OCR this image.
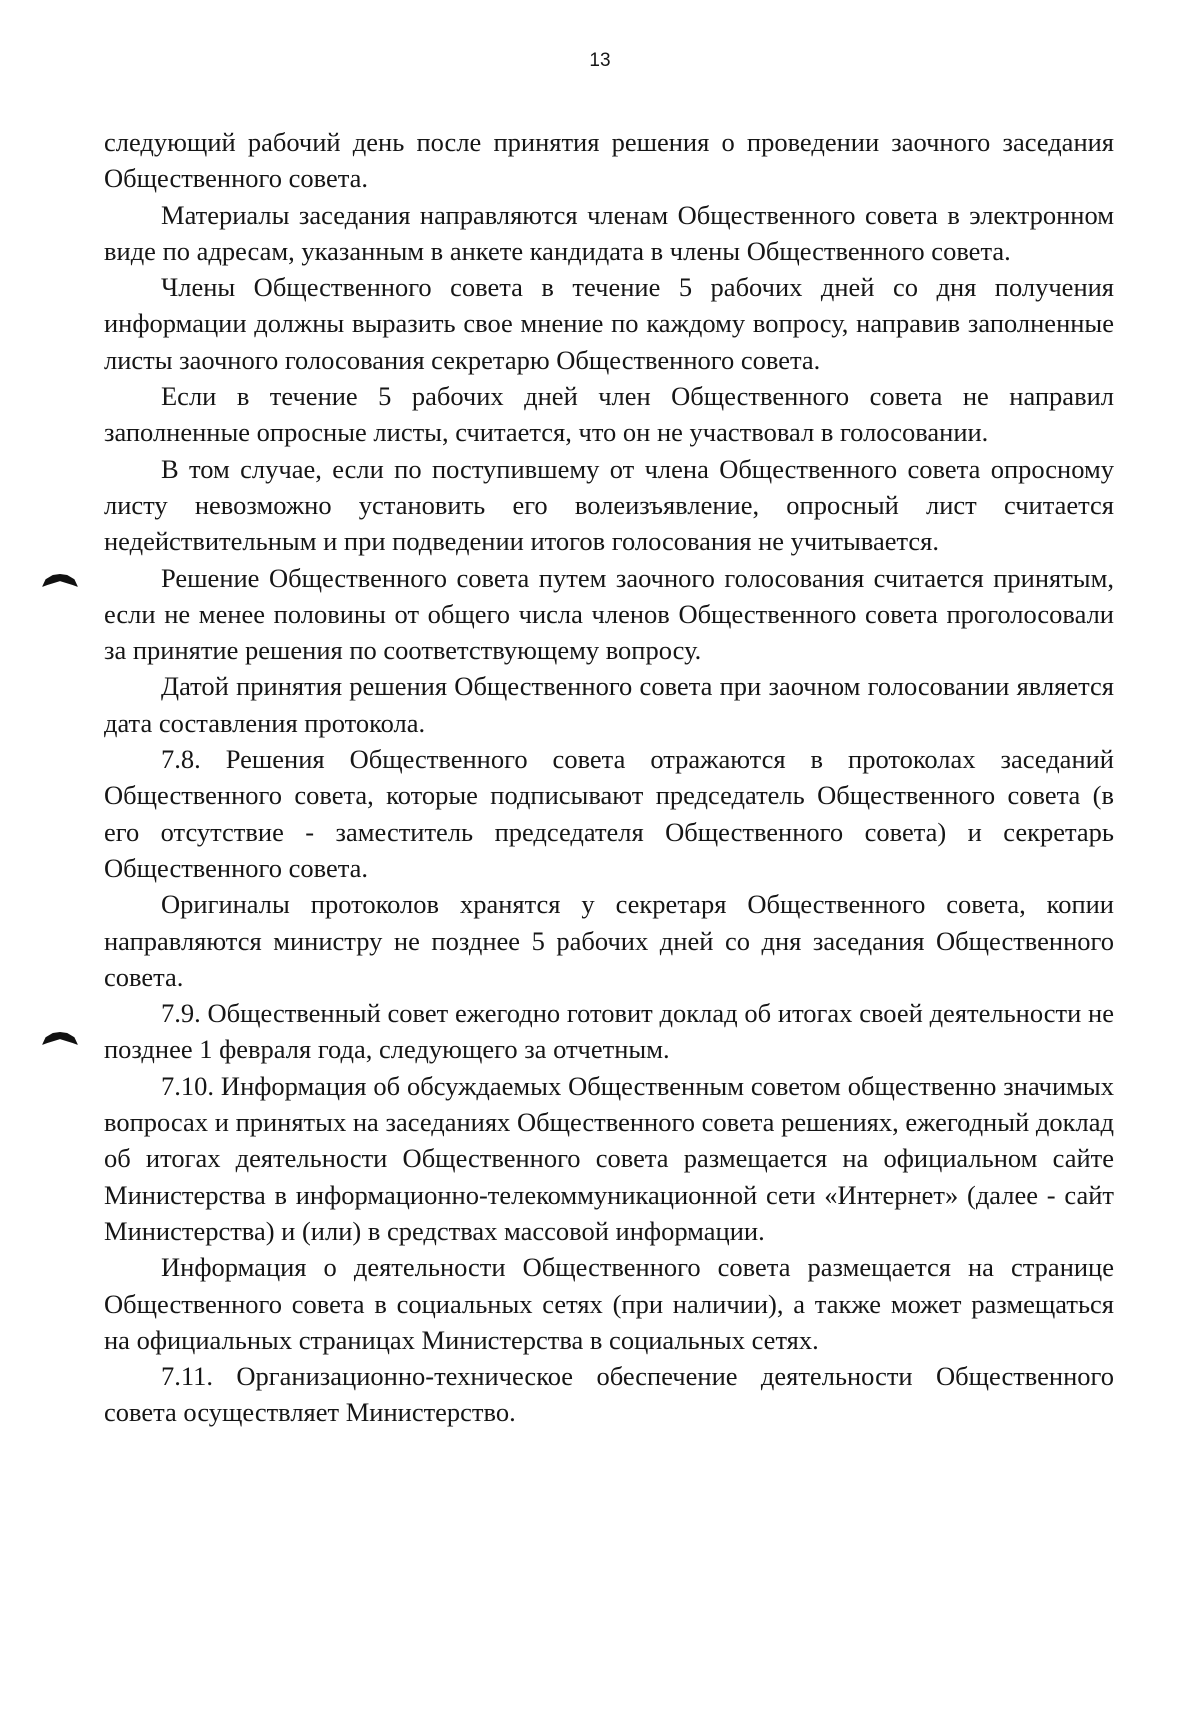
13

следующий рабочий день после принятия решения о проведении заочного заседания Общественного совета.

Материалы заседания направляются членам Общественного совета в электронном виде по адресам, указанным в анкете кандидата в члены Общественного совета.

Члены Общественного совета в течение 5 рабочих дней со дня получения информации должны выразить свое мнение по каждому вопросу, направив заполненные листы заочного голосования секретарю Общественного совета.

Если в течение 5 рабочих дней член Общественного совета не направил заполненные опросные листы, считается, что он не участвовал в голосовании.

В том случае, если по поступившему от члена Общественного совета опросному листу невозможно установить его волеизъявление, опросный лист считается недействительным и при подведении итогов голосования не учитывается.

Решение Общественного совета путем заочного голосования считается принятым, если не менее половины от общего числа членов Общественного совета проголосовали за принятие решения по соответствующему вопросу.

Датой принятия решения Общественного совета при заочном голосовании является дата составления протокола.

7.8. Решения Общественного совета отражаются в протоколах заседаний Общественного совета, которые подписывают председатель Общественного совета (в его отсутствие - заместитель председателя Общественного совета) и секретарь Общественного совета.

Оригиналы протоколов хранятся у секретаря Общественного совета, копии направляются министру не позднее 5 рабочих дней со дня заседания Общественного совета.

7.9. Общественный совет ежегодно готовит доклад об итогах своей деятельности не позднее 1 февраля года, следующего за отчетным.

7.10. Информация об обсуждаемых Общественным советом общественно значимых вопросах и принятых на заседаниях Общественного совета решениях, ежегодный доклад об итогах деятельности Общественного совета размещается на официальном сайте Министерства в информационно-телекоммуникационной сети «Интернет» (далее - сайт Министерства) и (или) в средствах массовой информации.

Информация о деятельности Общественного совета размещается на странице Общественного совета в социальных сетях (при наличии), а также может размещаться на официальных страницах Министерства в социальных сетях.

7.11. Организационно-техническое обеспечение деятельности Общественного совета осуществляет Министерство.
